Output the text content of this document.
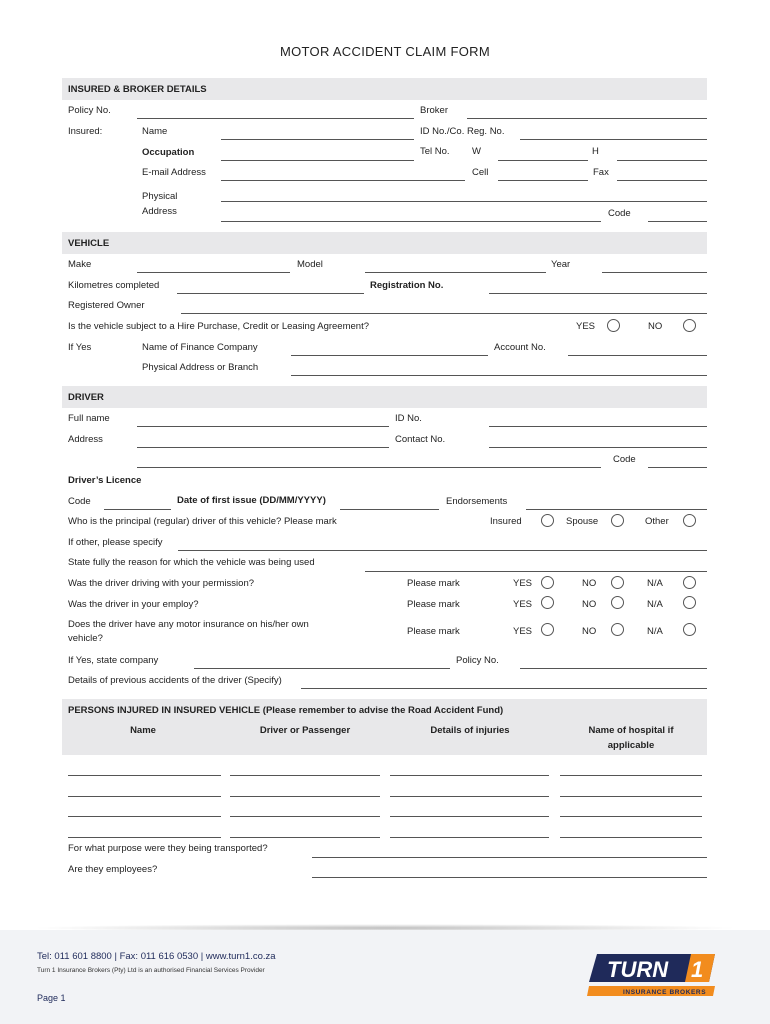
MOTOR ACCIDENT CLAIM FORM
INSURED & BROKER DETAILS
Policy No.	Broker
Insured:	Name	ID No./Co. Reg. No.
Occupation	Tel No. W	H
E-mail Address	Cell	Fax
Physical
Address	Code
VEHICLE
Make	Model	Year
Kilometres completed	Registration No.
Registered Owner
Is the vehicle subject to a Hire Purchase, Credit or Leasing Agreement?	YES	NO
If Yes	Name of Finance Company	Account No.
Physical Address or Branch
DRIVER
Full name	ID No.
Address	Contact No.
Code
Driver’s Licence
Code	Date of first issue (DD/MM/YYYY)	Endorsements
Who is the principal (regular) driver of this vehicle? Please mark	Insured	Spouse	Other
If other, please specify
State fully the reason for which the vehicle was being used
Was the driver driving with your permission?	Please mark	YES	NO	N/A
Was the driver in your employ?	Please mark	YES	NO	N/A
Does the driver have any motor insurance on his/her own
vehicle?
Please mark	YES	NO	N/A
If Yes, state company	Policy No.
Details of previous accidents of the driver (Specify)
PERSONS INJURED IN INSURED VEHICLE (Please remember to advise the Road Accident Fund)
Name	Driver or Passenger	Details of injuries	Name of hospital if
applicable
For what purpose were they being transported?
Are they employees?
Tel: 011 601 8800 | Fax: 011 616 0530 | www.turn1.co.za
Turn 1 Insurance Brokers (Pty) Ltd is an authorised Financial Services Provider
Page 1
TURN 1
INSURANCE BROKERS
